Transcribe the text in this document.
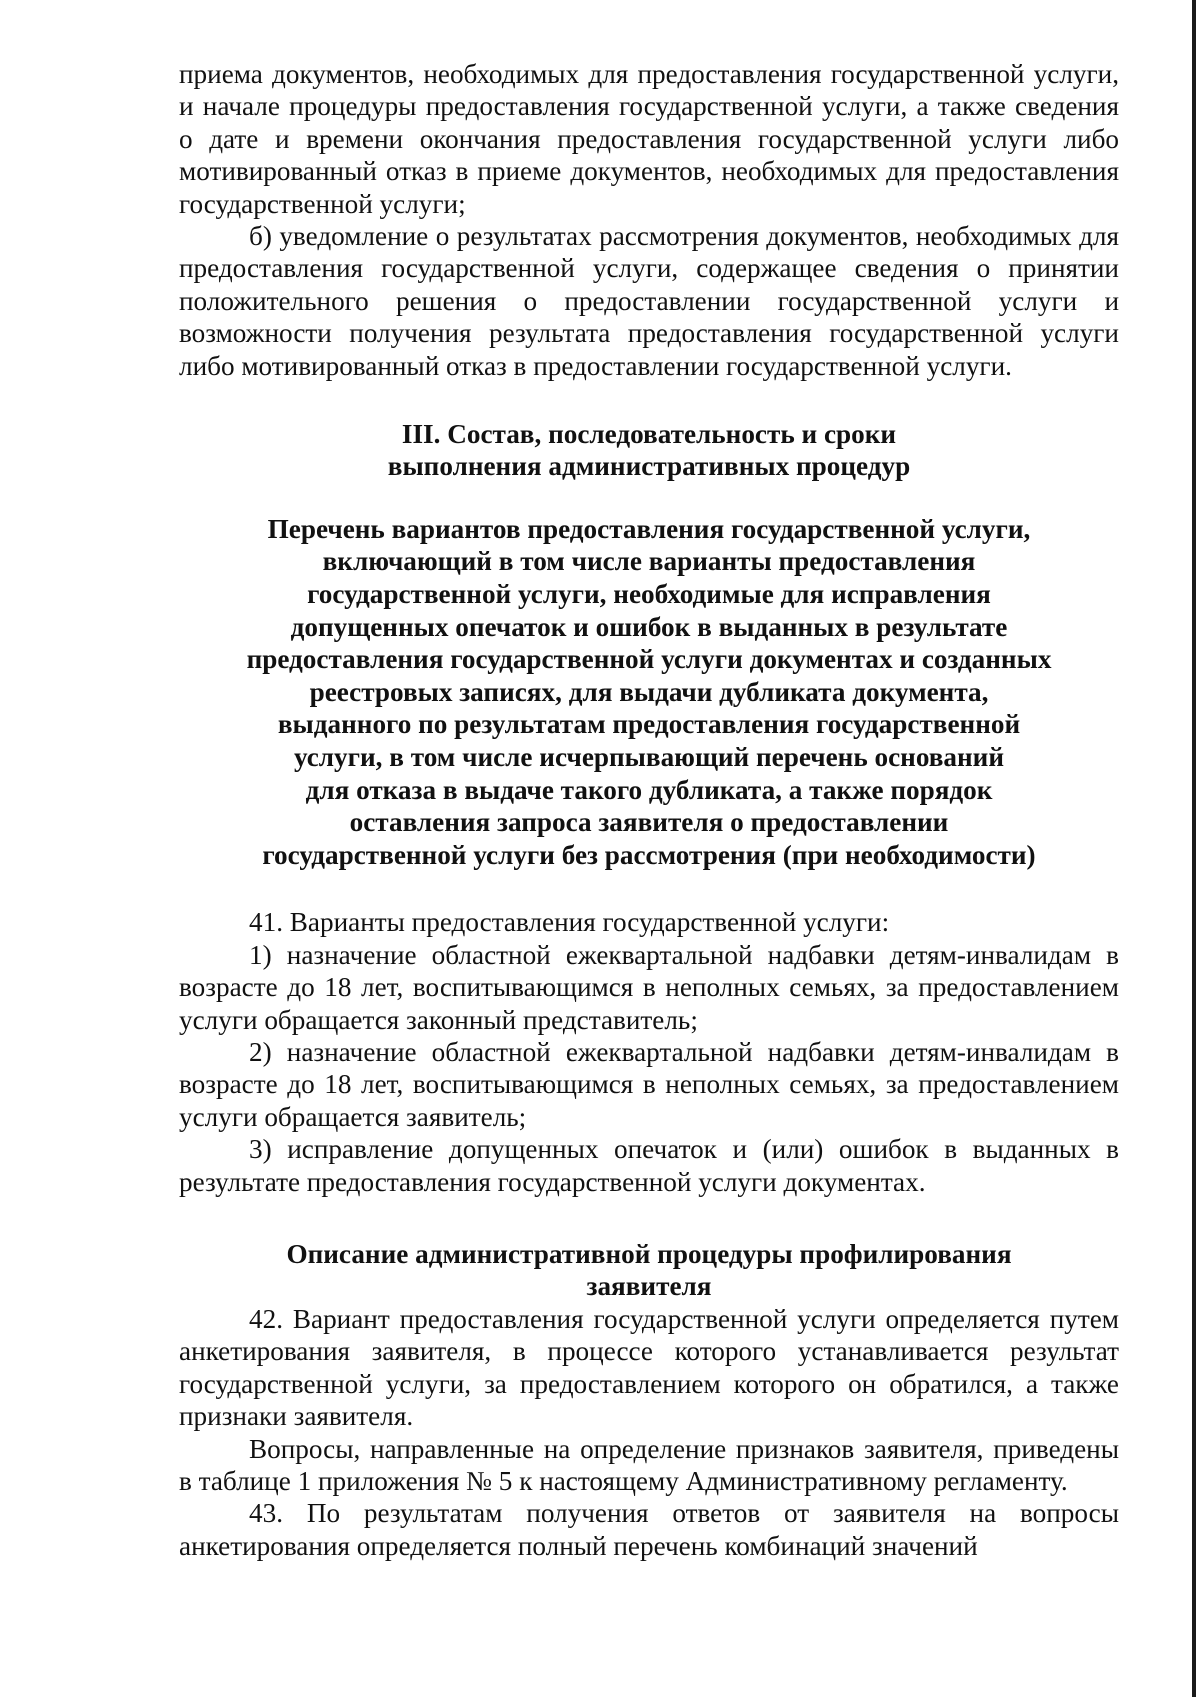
приема документов, необходимых для предоставления государственной услуги, и начале процедуры предоставления государственной услуги, а также сведения о дате и времени окончания предоставления государственной услуги либо мотивированный отказ в приеме документов, необходимых для предоставления государственной услуги;

б) уведомление о результатах рассмотрения документов, необходимых для предоставления государственной услуги, содержащее сведения о принятии положительного решения о предоставлении государственной услуги и возможности получения результата предоставления государственной услуги либо мотивированный отказ в предоставлении государственной услуги.

III. Состав, последовательность и сроки
выполнения административных процедур
Перечень вариантов предоставления государственной услуги,
включающий в том числе варианты предоставления
государственной услуги, необходимые для исправления
допущенных опечаток и ошибок в выданных в результате
предоставления государственной услуги документах и созданных
реестровых записях, для выдачи дубликата документа,
выданного по результатам предоставления государственной
услуги, в том числе исчерпывающий перечень оснований
для отказа в выдаче такого дубликата, а также порядок
оставления запроса заявителя о предоставлении
государственной услуги без рассмотрения (при необходимости)

41. Варианты предоставления государственной услуги:

1) назначение областной ежеквартальной надбавки детям-инвалидам в возрасте до 18 лет, воспитывающимся в неполных семьях, за предоставлением услуги обращается законный представитель;

2) назначение областной ежеквартальной надбавки детям-инвалидам в возрасте до 18 лет, воспитывающимся в неполных семьях, за предоставлением услуги обращается заявитель;

3) исправление допущенных опечаток и (или) ошибок в выданных в результате предоставления государственной услуги документах.

Описание административной процедуры профилирования
заявителя

42. Вариант предоставления государственной услуги определяется путем анкетирования заявителя, в процессе которого устанавливается результат государственной услуги, за предоставлением которого он обратился, а также признаки заявителя.

Вопросы, направленные на определение признаков заявителя, приведены в таблице 1 приложения № 5 к настоящему Административному регламенту.

43. По результатам получения ответов от заявителя на вопросы анкетирования определяется полный перечень комбинаций значений
